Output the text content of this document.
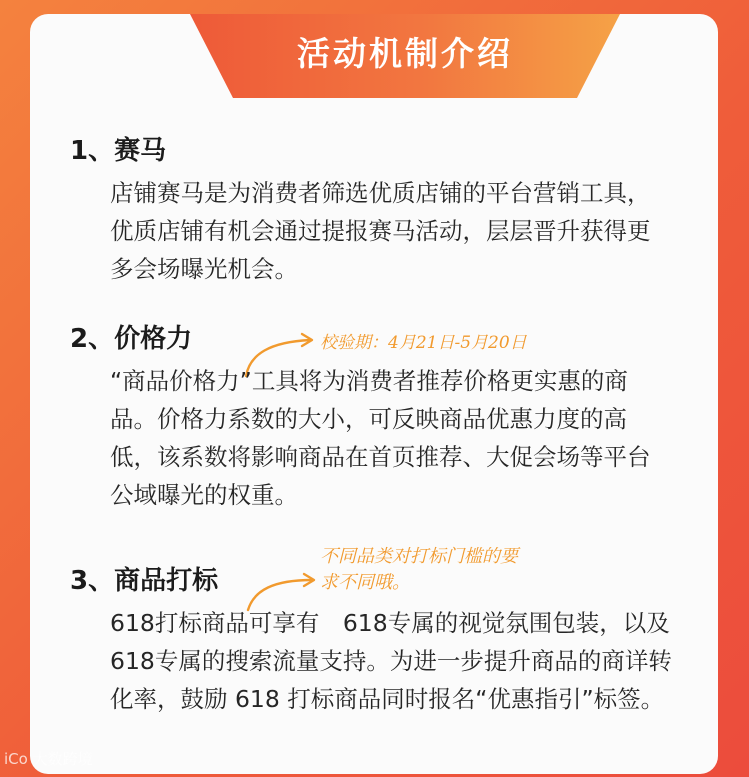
活动机制介绍
1、赛马

店铺赛马是为消费者筛选优质店铺的平台营销工具，
优质店铺有机会通过提报赛马活动，层层晋升获得更
多会场曝光机会。

2、价格力	校验期：4月21日-5月20日

“商品价格力”工具将为消费者推荐价格更实惠的商
品。价格力系数的大小，可反映商品优惠力度的高
低，该系数将影响商品在首页推荐、大促会场等平台
公域曝光的权重。

3、商品打标
不同品类对打标门槛的要
求不同哦。

618打标商品可享有　618专属的视觉氛围包装，以及
618专属的搜索流量支持。为进一步提升商品的商详转
化率，鼓励 618 打标商品同时报名“优惠指引”标签。

iCo 大数跨境
